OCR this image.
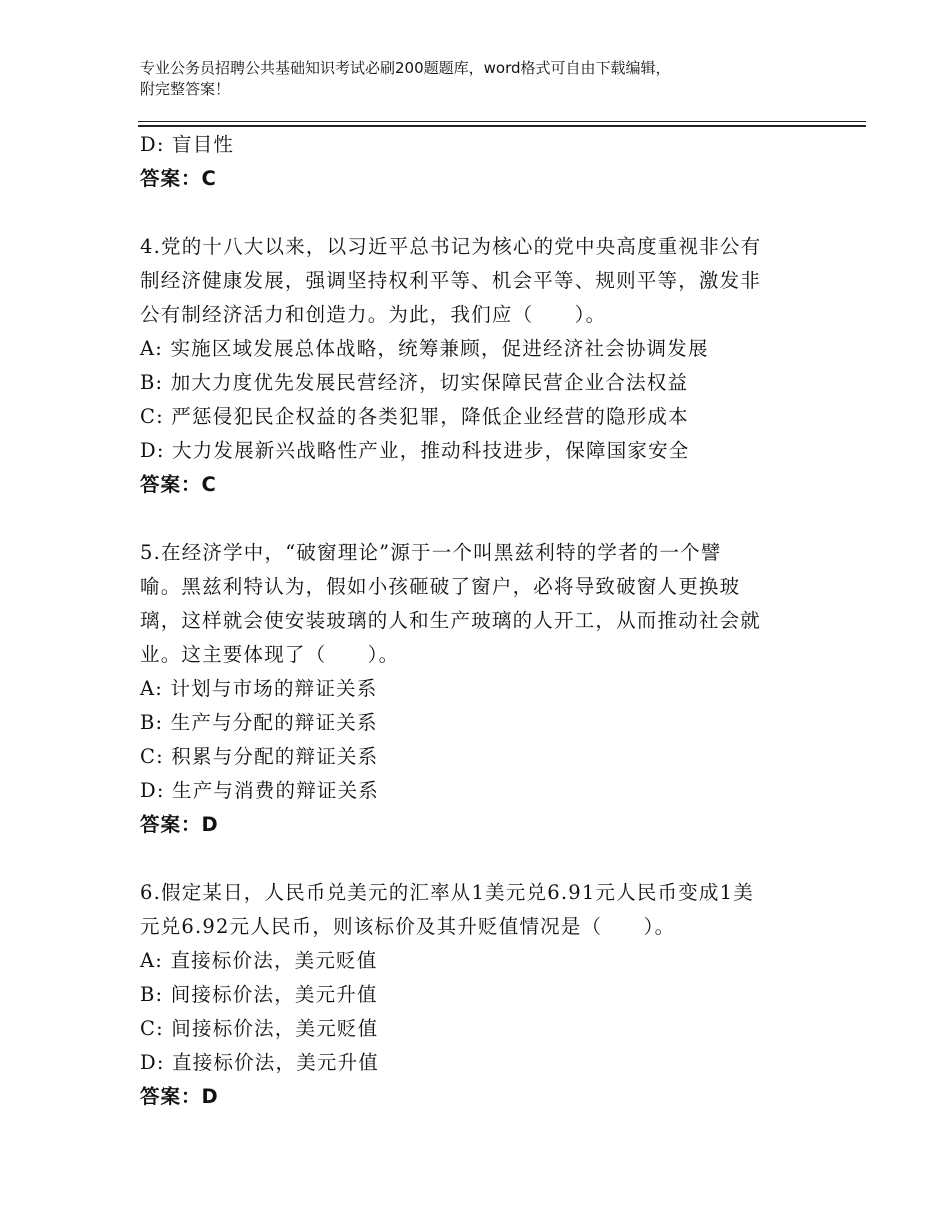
专业公务员招聘公共基础知识考试必刷200题题库，word格式可自由下载编辑，
附完整答案！
D: 盲目性
答案：C
4.党的十八大以来，以习近平总书记为核心的党中央高度重视非公有
制经济健康发展，强调坚持权利平等、机会平等、规则平等，激发非
公有制经济活力和创造力。为此，我们应（　　）。
A: 实施区域发展总体战略，统筹兼顾，促进经济社会协调发展
B: 加大力度优先发展民营经济，切实保障民营企业合法权益
C: 严惩侵犯民企权益的各类犯罪，降低企业经营的隐形成本
D: 大力发展新兴战略性产业，推动科技进步，保障国家安全
答案：C
5.在经济学中，“破窗理论”源于一个叫黑兹利特的学者的一个譬
喻。黑兹利特认为，假如小孩砸破了窗户，必将导致破窗人更换玻
璃，这样就会使安装玻璃的人和生产玻璃的人开工，从而推动社会就
业。这主要体现了（　　）。
A: 计划与市场的辩证关系
B: 生产与分配的辩证关系
C: 积累与分配的辩证关系
D: 生产与消费的辩证关系
答案：D
6.假定某日，人民币兑美元的汇率从1美元兑6.91元人民币变成1美
元兑6.92元人民币，则该标价及其升贬值情况是（　　）。
A: 直接标价法，美元贬值
B: 间接标价法，美元升值
C: 间接标价法，美元贬值
D: 直接标价法，美元升值
答案：D
